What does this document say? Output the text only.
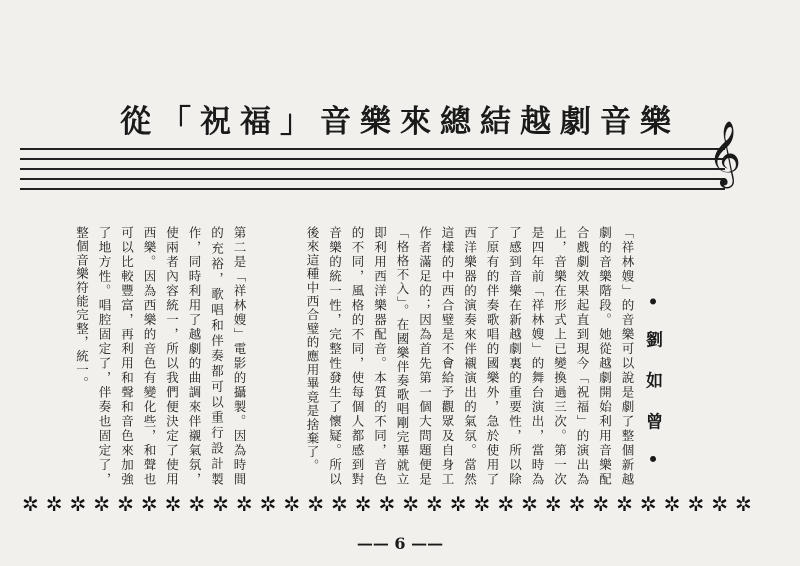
從「祝福」音樂來總結越劇音樂 𝄞
• 劉 如 曾 •
「祥林嫂」的音樂可以說是劇了整個新越劇的音樂階段。她從越劇開始利用音樂配合戲劇效果起直到現今「祝福」的演出為止，音樂在形式上已變換過三次。第一次是四年前「祥林嫂」的舞台演出，當時為了感到音樂在新越劇裏的重要性，所以除了原有的伴奏歌唱的國樂外，急於使用了西洋樂器的演奏來伴襯演出的氣氛。當然這樣的中西合璧是不會給予觀眾及自身工作者滿足的；因為首先第一個大問題便是「格格不入」。在國樂伴奏歌唱剛完畢就立即利用西洋樂器配音。本質的不同，音色的不同，風格的不同，使每個人都感到對音樂的統一性，完整性發生了懷疑。所以後來這種中西合璧的應用畢竟是捨棄了。
第二是「祥林嫂」電影的攝製。因為時間的充裕，歌唱和伴奏都可以重行設計製作，同時利用了越劇的曲調來伴襯氣氛，使兩者內容統一，所以我們便決定了使用西樂。因為西樂的音色有變化些，和聲也可以比較豐富，再利用和聲和音色來加強了地方性。唱腔固定了，伴奏也固定了，整個音樂符能完整，統一。
✲ ✲ ✲ ✲ ✲ ✲ ✲ ✲ ✲ ✲ ✲ ✲ ✲ ✲ ✲ ✲ ✲ ✲ ✲ ✲ ✲ ✲ ✲ ✲ ✲ ✲ ✲ ✲ ✲ ✲ ✲
—— 6 ——
